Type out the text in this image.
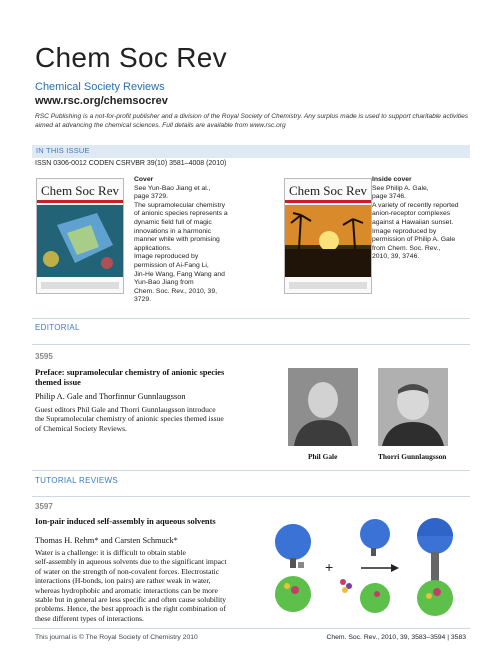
Chem Soc Rev
Chemical Society Reviews
www.rsc.org/chemsocrev
RSC Publishing is a not-for-profit publisher and a division of the Royal Society of Chemistry. Any surplus made is used to support charitable activities aimed at advancing the chemical sciences. Full details are available from www.rsc.org
IN THIS ISSUE
ISSN 0306-0012 CODEN CSRVBR 39(10) 3581–4008 (2010)
Chem Soc Rev
Cover
See Yun-Bao Jiang et al.,
page 3729.
The supramolecular chemistry
of anionic species represents a
dynamic field full of magic
innovations in a harmonic
manner while with promising
applications.
Image reproduced by
permission of Ai-Fang Li,
Jin-He Wang, Fang Wang and
Yun-Bao Jiang from
Chem. Soc. Rev., 2010, 39, 3729.
Chem Soc Rev
Inside cover
See Philip A. Gale,
page 3746.
A variety of recently reported
anion-receptor complexes
against a Hawaiian sunset.
Image reproduced by
permission of Philip A. Gale
from Chem. Soc. Rev.,
2010, 39, 3746.
EDITORIAL
3595
Preface: supramolecular chemistry of anionic species
themed issue
Philip A. Gale and Thorfinnur Gunnlaugsson
Guest editors Phil Gale and Thorri Gunnlaugsson introduce
the Supramolecular chemistry of anionic species themed issue
of Chemical Society Reviews.
Phil Gale	Thorri Gunnlaugsson
TUTORIAL REVIEWS
3597
Ion-pair induced self-assembly in aqueous solvents
Thomas H. Rehm* and Carsten Schmuck*
Water is a challenge: it is difficult to obtain stable
self-assembly in aqueous solvents due to the significant impact
of water on the strength of non-covalent forces. Electrostatic
interactions (H-bonds, ion pairs) are rather weak in water,
whereas hydrophobic and aromatic interactions can be more
stable but in general are less specific and often cause solubility
problems. Hence, the best approach is the right combination of
these different types of interactions.
+
This journal is © The Royal Society of Chemistry 2010	Chem. Soc. Rev., 2010, 39, 3583–3594 | 3583
